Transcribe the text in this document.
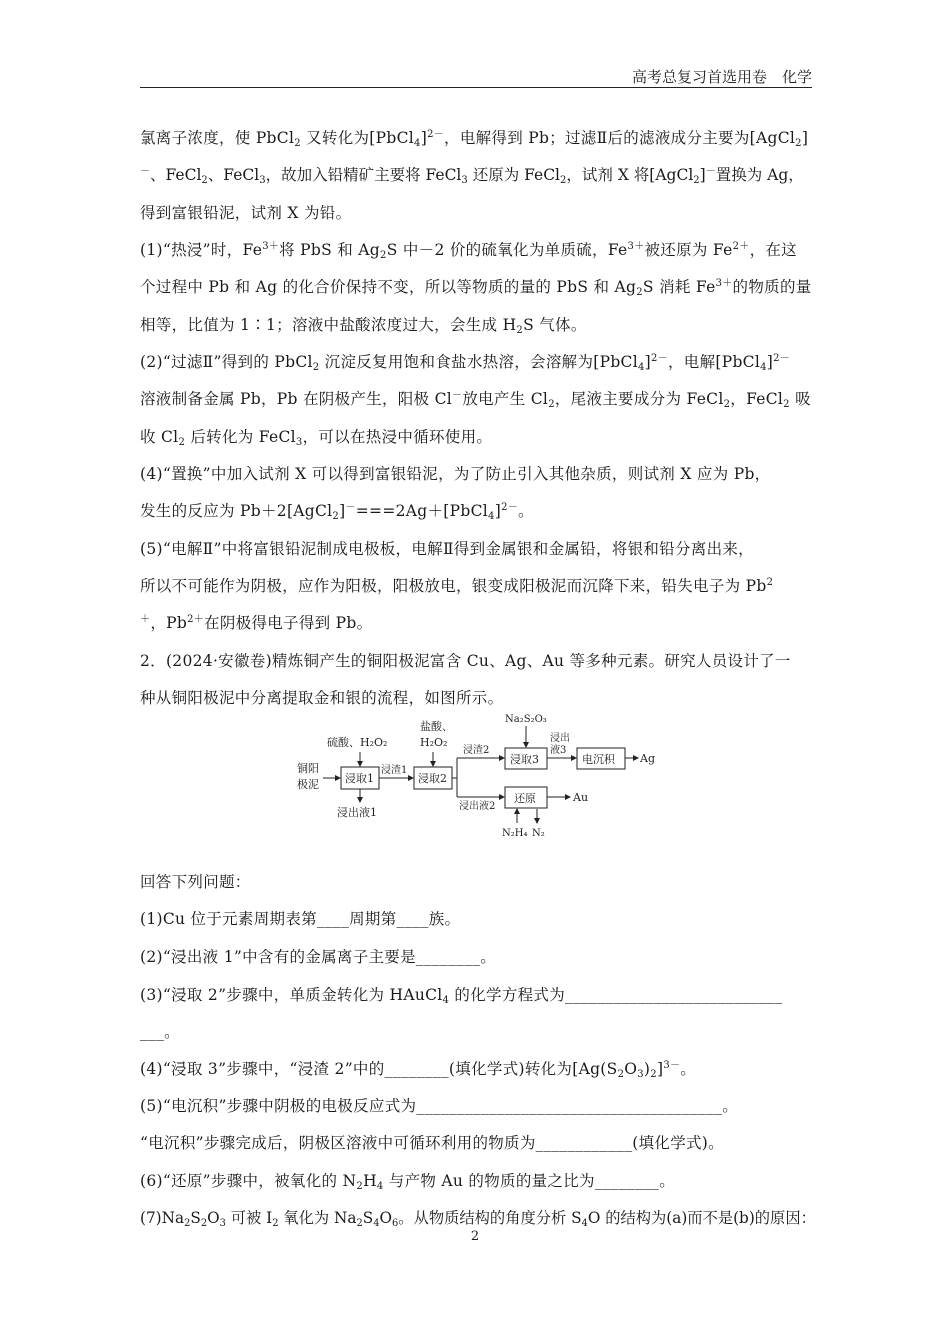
高考总复习首选用卷　化学
氯离子浓度，使 PbCl$_2$ 又转化为[PbCl$_4$]$^{2-}$，电解得到 Pb；过滤Ⅱ后的滤液成分主要为[AgCl$_2$]
－、FeCl$_2$、FeCl$_3$，故加入铅精矿主要将 FeCl$_3$ 还原为 FeCl$_2$，试剂 X 将[AgCl$_2$]－置换为 Ag，
得到富银铅泥，试剂 X 为铅。
(1)“热浸”时，$Fe^{3+}$将 PbS 和 $Ag_2S$ 中－2 价的硫氧化为单质硫，$Fe^{3+}$被还原为 $Fe^{2+}$，在这
个过程中 Pb 和 Ag 的化合价保持不变，所以等物质的量的 PbS 和 $Ag_2S$ 消耗 $Fe^{3+}$的物质的量
相等，比值为 1∶1；溶液中盐酸浓度过大，会生成 $H_2S$ 气体。
(2)“过滤Ⅱ”得到的 PbCl$_2$ 沉淀反复用饱和食盐水热溶，会溶解为[PbCl$_4$]$^{2-}$，电解[PbCl$_4$]$^{2-}$
溶液制备金属 Pb，Pb 在阴极产生，阳极 Cl－放电产生 $Cl_2$，尾液主要成分为 FeCl$_2$，FeCl$_2$ 吸
收 $Cl_2$ 后转化为 FeCl$_3$，可以在热浸中循环使用。
(4)“置换”中加入试剂 X 可以得到富银铅泥，为了防止引入其他杂质，则试剂 X 应为 Pb，
发生的反应为 Pb＋2[AgCl$_2$]－===2Ag＋[PbCl$_4$]$^{2-}$。
(5)“电解Ⅱ”中将富银铅泥制成电极板，电解Ⅱ得到金属银和金属铅，将银和铅分离出来，
所以不可能作为阴极，应作为阳极，阳极放电，银变成阳极泥而沉降下来，铅失电子为 Pb$^2$
＋，$Pb^{2+}$在阴极得电子得到 Pb。
2．(2024·安徽卷)精炼铜产生的铜阳极泥富含 Cu、Ag、Au 等多种元素。研究人员设计了一
种从铜阳极泥中分离提取金和银的流程，如图所示。
回答下列问题：
(1)Cu 位于元素周期表第____周期第____族。
(2)“浸出液 1”中含有的金属离子主要是________。
(3)“浸取 2”步骤中，单质金转化为 HAuCl$_4$ 的化学方程式为___________________________
___。
(4)“浸取 3”步骤中，“浸渣 2”中的________(填化学式)转化为$[Ag(S_2O_3)_2]^{3-}$。
(5)“电沉积”步骤中阴极的电极反应式为______________________________________。
“电沉积”步骤完成后，阴极区溶液中可循环利用的物质为____________(填化学式)。
(6)“还原”步骤中，被氧化的 $N_2H_4$ 与产物 Au 的物质的量之比为________。
$(7)Na_2S_2O_3$ 可被 $I_2$ 氧化为 $Na_2S_4O_6$。从物质结构的角度分析 $S_4O$ 的结构为(a)而不是(b)的原因：
铜阳
极泥
硫酸、H₂O₂
浸取1
浸出液1
浸渣1
盐酸、
H₂O₂
浸取2
浸渣2
浸出液2
Na₂S₂O₃
浸取3
浸出
液3
电沉积 Ag
还原	Au
N₂H₄ N₂
2
